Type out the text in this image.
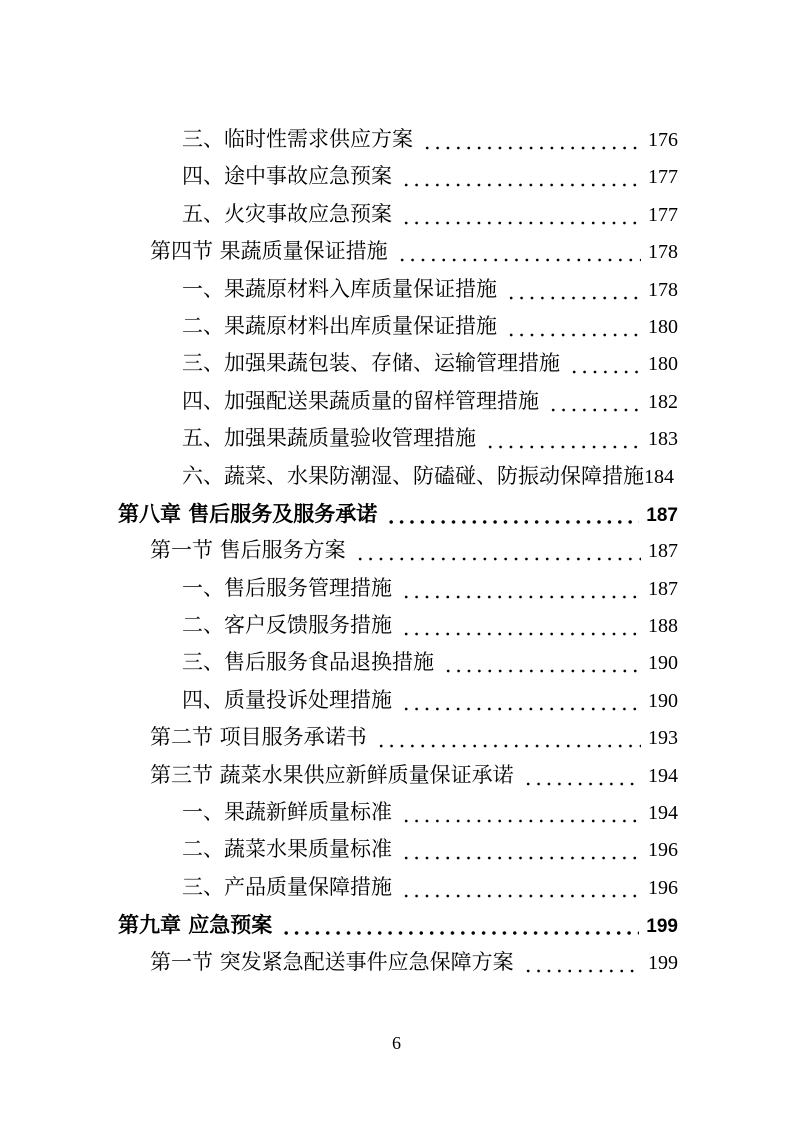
三、临时性需求供应方案	176
四、途中事故应急预案	177
五、火灾事故应急预案	177
第四节 果蔬质量保证措施	178
一、果蔬原材料入库质量保证措施	178
二、果蔬原材料出库质量保证措施	180
三、加强果蔬包装、存储、运输管理措施	180
四、加强配送果蔬质量的留样管理措施	182
五、加强果蔬质量验收管理措施	183
六、蔬菜、水果防潮湿、防磕碰、防振动保障措施 184
第八章 售后服务及服务承诺	187
第一节 售后服务方案	187
一、售后服务管理措施	187
二、客户反馈服务措施	188
三、售后服务食品退换措施	190
四、质量投诉处理措施	190
第二节 项目服务承诺书	193
第三节 蔬菜水果供应新鲜质量保证承诺	194
一、果蔬新鲜质量标准	194
二、蔬菜水果质量标准	196
三、产品质量保障措施	196
第九章 应急预案	199
第一节 突发紧急配送事件应急保障方案	199
6
